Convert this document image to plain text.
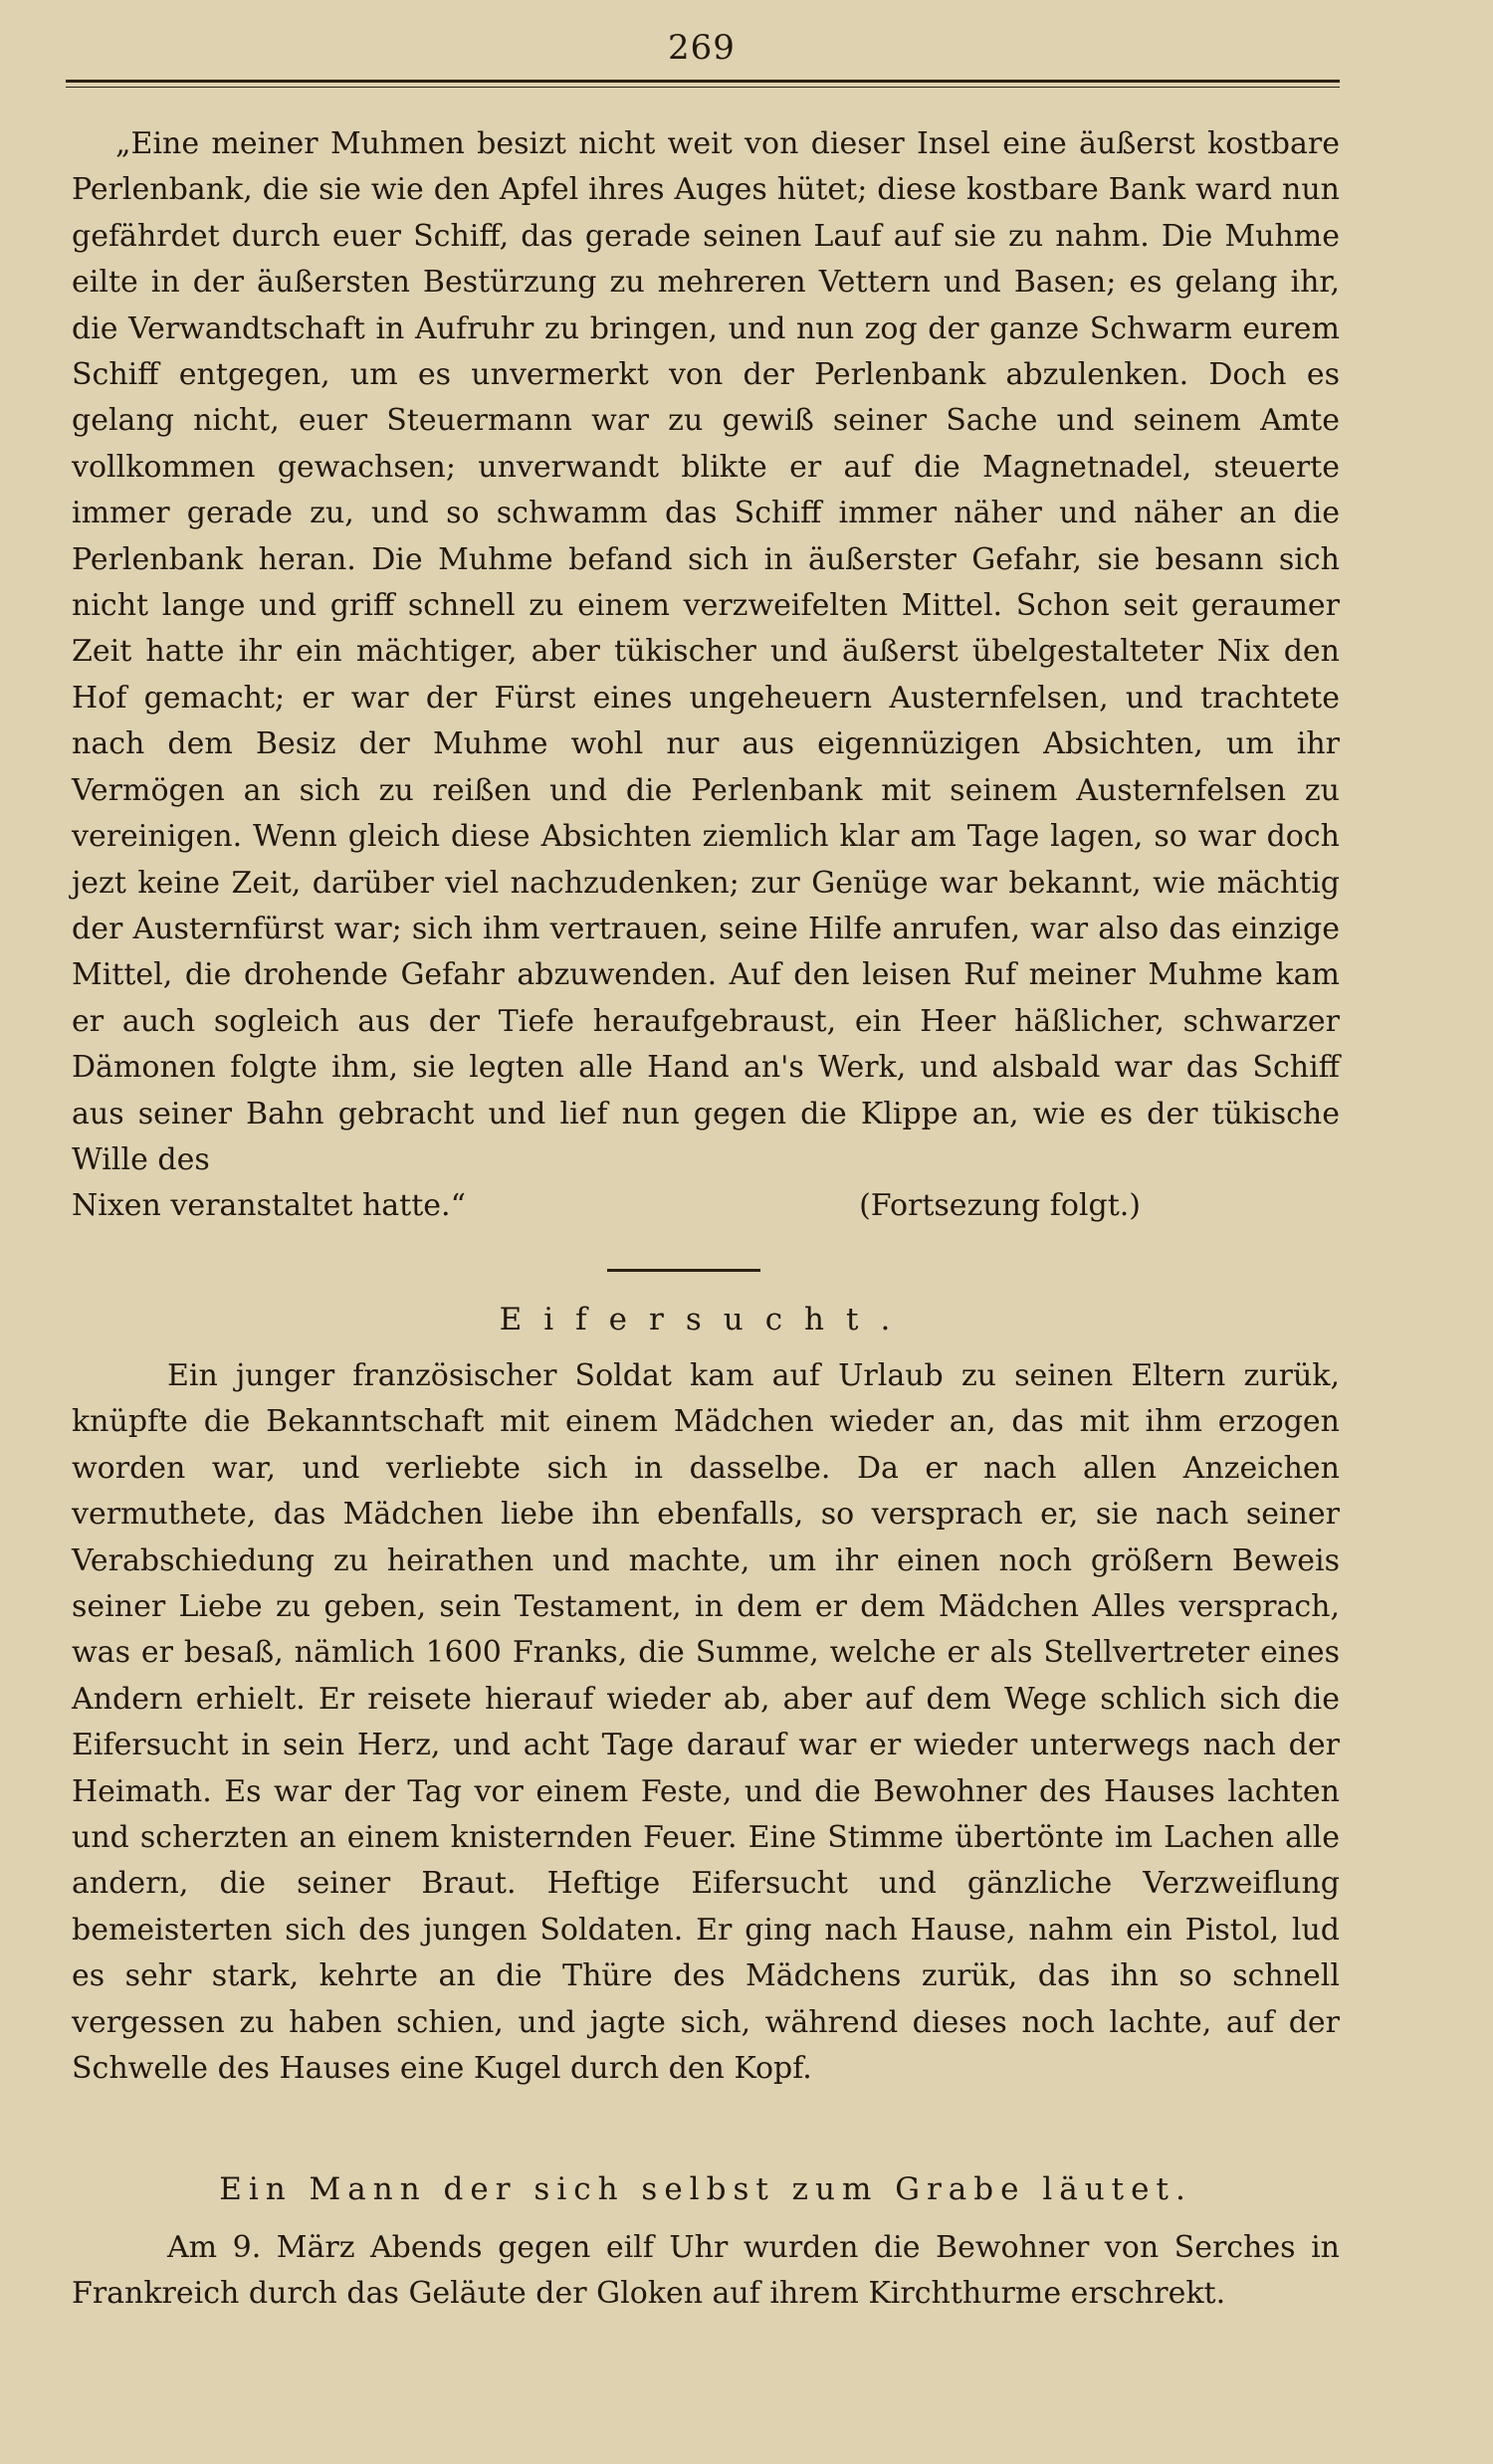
269

„Eine meiner Muhmen besizt nicht weit von dieser Insel eine äußerst kostbare Perlenbank, die sie wie den Apfel ihres Auges hütet; diese kostbare Bank ward nun gefährdet durch euer Schiff, das gerade seinen Lauf auf sie zu nahm. Die Muhme eilte in der äußersten Bestürzung zu mehreren Vettern und Basen; es gelang ihr, die Verwandtschaft in Aufruhr zu bringen, und nun zog der ganze Schwarm eurem Schiff entgegen, um es unvermerkt von der Perlenbank abzulenken. Doch es gelang nicht, euer Steuermann war zu gewiß seiner Sache und seinem Amte vollkommen gewachsen; unverwandt blikte er auf die Magnetnadel, steuerte immer gerade zu, und so schwamm das Schiff immer näher und näher an die Perlenbank heran. Die Muhme befand sich in äußerster Gefahr, sie besann sich nicht lange und griff schnell zu einem verzweifelten Mittel. Schon seit geraumer Zeit hatte ihr ein mächtiger, aber tükischer und äußerst übelgestalteter Nix den Hof gemacht; er war der Fürst eines ungeheuern Austernfelsen, und trachtete nach dem Besiz der Muhme wohl nur aus eigennüzigen Absichten, um ihr Vermögen an sich zu reißen und die Perlenbank mit seinem Austernfelsen zu vereinigen. Wenn gleich diese Absichten ziemlich klar am Tage lagen, so war doch jezt keine Zeit, darüber viel nachzudenken; zur Genüge war bekannt, wie mächtig der Austernfürst war; sich ihm vertrauen, seine Hilfe anrufen, war also das einzige Mittel, die drohende Gefahr abzuwenden. Auf den leisen Ruf meiner Muhme kam er auch sogleich aus der Tiefe heraufgebraust, ein Heer häßlicher, schwarzer Dämonen folgte ihm, sie legten alle Hand an's Werk, und alsbald war das Schiff aus seiner Bahn gebracht und lief nun gegen die Klippe an, wie es der tükische Wille des

Nixen veranstaltet hatte.“	(Fortsezung folgt.)

Eifersucht.

Ein junger französischer Soldat kam auf Urlaub zu seinen Eltern zurük, knüpfte die Bekanntschaft mit einem Mädchen wieder an, das mit ihm erzogen worden war, und verliebte sich in dasselbe. Da er nach allen Anzeichen vermuthete, das Mädchen liebe ihn ebenfalls, so versprach er, sie nach seiner Verabschiedung zu heirathen und machte, um ihr einen noch größern Beweis seiner Liebe zu geben, sein Testament, in dem er dem Mädchen Alles versprach, was er besaß, nämlich 1600 Franks, die Summe, welche er als Stellvertreter eines Andern erhielt. Er reisete hierauf wieder ab, aber auf dem Wege schlich sich die Eifersucht in sein Herz, und acht Tage darauf war er wieder unterwegs nach der Heimath. Es war der Tag vor einem Feste, und die Bewohner des Hauses lachten und scherzten an einem knisternden Feuer. Eine Stimme übertönte im Lachen alle andern, die seiner Braut. Heftige Eifersucht und gänzliche Verzweiflung bemeisterten sich des jungen Soldaten. Er ging nach Hause, nahm ein Pistol, lud es sehr stark, kehrte an die Thüre des Mädchens zurük, das ihn so schnell vergessen zu haben schien, und jagte sich, während dieses noch lachte, auf der Schwelle des Hauses eine Kugel durch den Kopf.

Ein Mann der sich selbst zum Grabe läutet.

Am 9. März Abends gegen eilf Uhr wurden die Bewohner von Serches in Frankreich durch das Geläute der Gloken auf ihrem Kirchthurme erschrekt.
